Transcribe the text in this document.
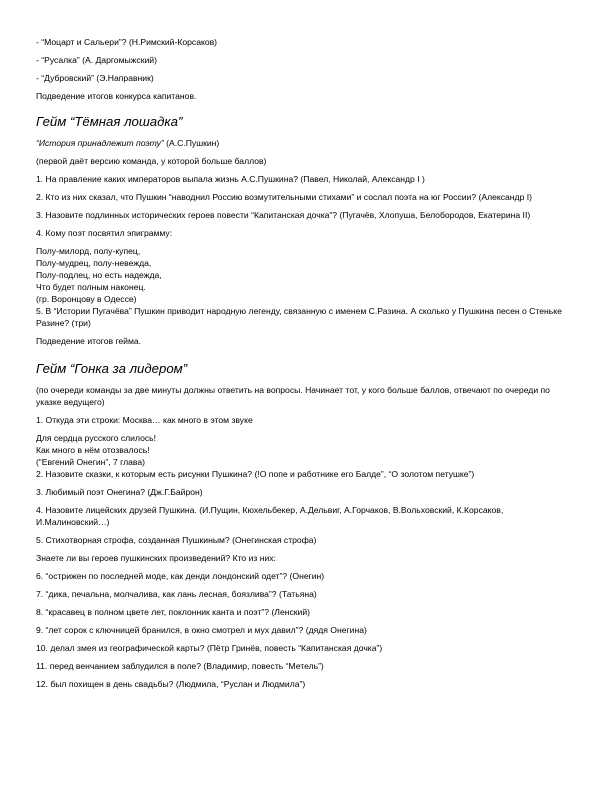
- “Моцарт и Сальери”? (Н.Римский-Корсаков)
- “Русалка” (А. Даргомыжский)
- “Дубровский” (Э.Направник)
Подведение итогов конкурса капитанов.
Гейм “Тёмная лошадка”
“История принадлежит поэту” (А.С.Пушкин)
(первой даёт версию команда, у которой больше баллов)
1. На правление каких императоров выпала жизнь А.С.Пушкина? (Павел, Николай, Александр I )
2. Кто из них сказал, что Пушкин “наводнил Россию возмутительными стихами” и сослал поэта на юг России? (Александр I)
3. Назовите подлинных исторических героев повести “Капитанская дочка”? (Пугачёв, Хлопуша, Белобородов, Екатерина II)
4. Кому поэт посвятил эпиграмму:
Полу-милорд, полу-купец,
Полу-мудрец, полу-невежда,
Полу-подлец, но есть надежда,
Что будет полным наконец.
(гр. Воронцову в Одессе)
5. В “Истории Пугачёва” Пушкин приводит народную легенду, связанную с именем С.Разина. А сколько у Пушкина песен о Стеньке Разине? (три)
Подведение итогов гейма.
Гейм “Гонка за лидером”
(по очереди команды за две минуты должны ответить на вопросы. Начинает тот, у кого больше баллов, отвечают по очереди по указке ведущего)
1. Откуда эти строки: Москва… как много в этом звуке
Для сердца русского слилось!
Как много в нём отозвалось!
(“Евгений Онегин”, 7 глава)
2. Назовите сказки, к которым есть рисунки Пушкина? (!О попе и работнике его Балде”, “О золотом петушке”)
3. Любимый поэт Онегина? (Дж.Г.Байрон)
4. Назовите лицейских друзей Пушкина. (И.Пущин, Кюхельбекер, А.Дельвиг, А.Горчаков, В.Вольховский, К.Корсаков, И.Малиновский…)
5. Стихотворная строфа, созданная Пушкиным? (Онегинская строфа)
Знаете ли вы героев пушкинских произведений? Кто из них:
6. “острижен по последней моде, как денди лондонский одет”? (Онегин)
7. “дика, печальна, молчалива, как лань лесная, боязлива”? (Татьяна)
8. “красавец в полном цвете лет, поклонник канта и поэт”? (Ленский)
9. “лет сорок с ключницей бранился, в окно смотрел и мух давил”? (дядя Онегина)
10. делал змея из географической карты? (Пётр Гринёв, повесть “Капитанская дочка”)
11. перед венчанием заблудился в поле? (Владимир, повесть “Метель”)
12. был похищен в день свадьбы? (Людмила, “Руслан и Людмила”)
